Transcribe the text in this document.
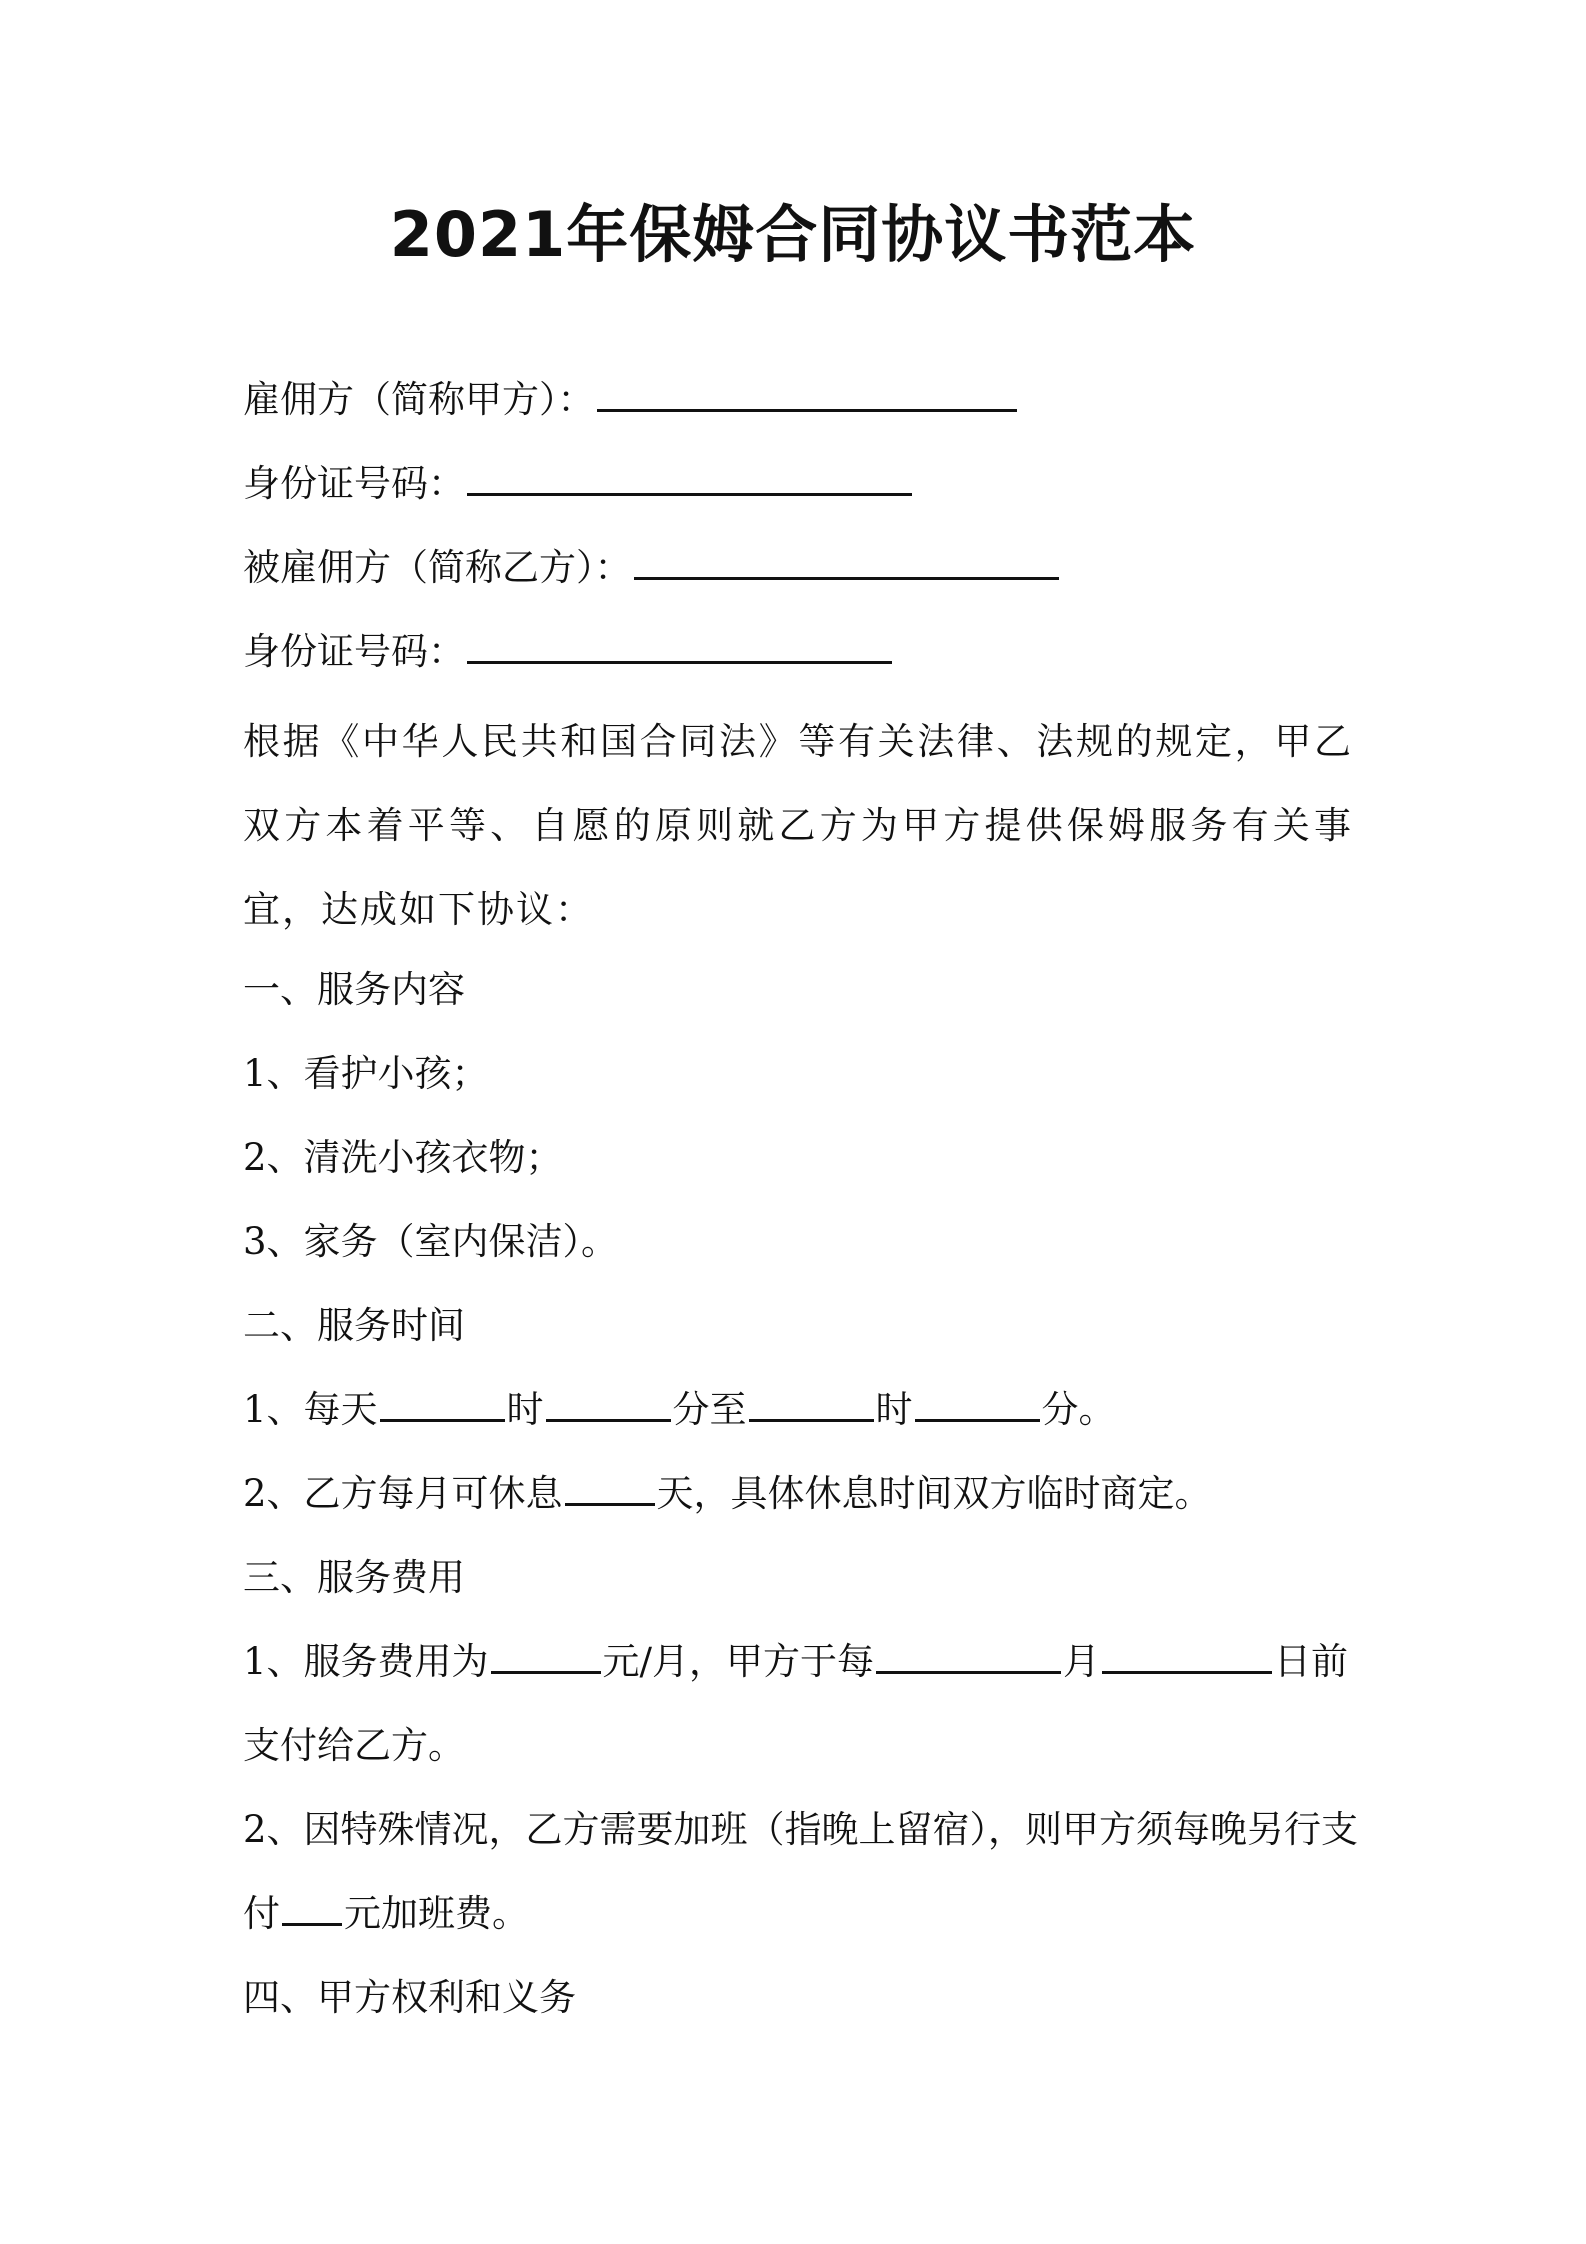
2021年保姆合同协议书范本
雇佣方（简称甲方）：
身份证号码：
被雇佣方（简称乙方）：
身份证号码：
根据《中华人民共和国合同法》等有关法律、法规的规定，甲乙双方本着平等、自愿的原则就乙方为甲方提供保姆服务有关事宜，达成如下协议：
一、服务内容
1、看护小孩；
2、清洗小孩衣物；
3、家务（室内保洁）。
二、服务时间
1、每天	时	分至	时	分。
2、乙方每月可休息	天，具体休息时间双方临时商定。
三、服务费用
1、服务费用为	元/月，甲方于每	月	日前
支付给乙方。
2、因特殊情况，乙方需要加班（指晚上留宿），则甲方须每晚另行支
付 元加班费。
四、甲方权利和义务
